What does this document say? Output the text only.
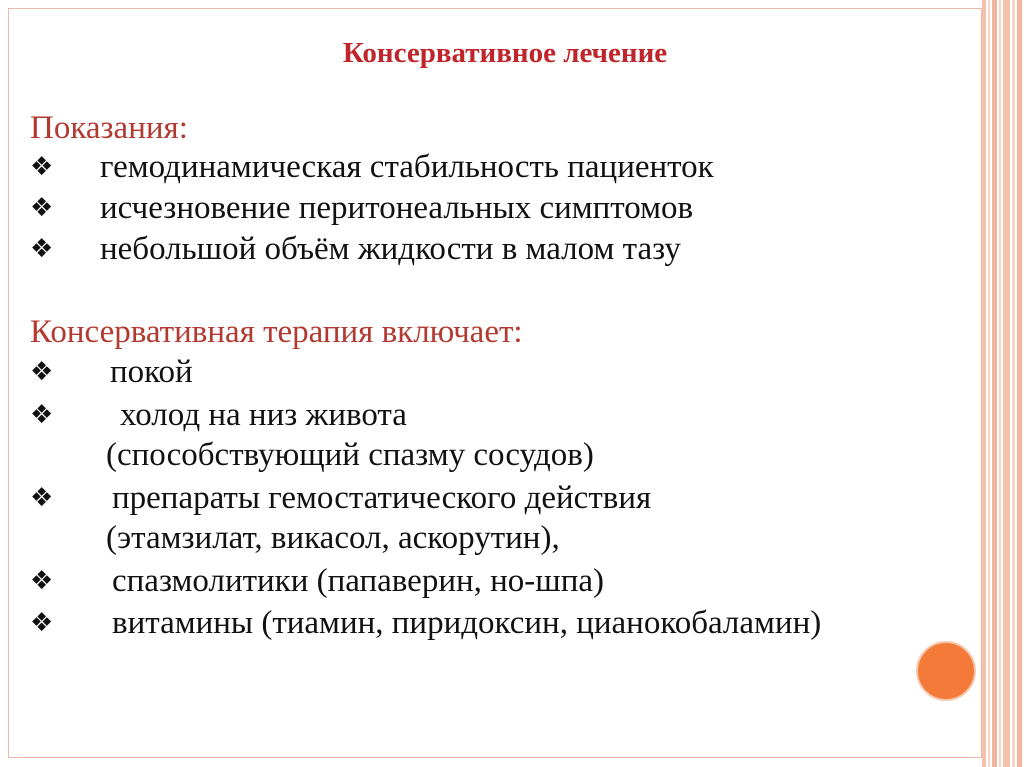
Консервативное лечение
Показания:
❖ гемодинамическая стабильность пациенток
❖ исчезновение перитонеальных симптомов
❖ небольшой объём жидкости в малом тазу
Консервативная терапия включает:
❖ покой
❖ холод на низ живота
(способствующий спазму сосудов)
❖ препараты гемостатического действия
(этамзилат, викасол, аскорутин),
❖ спазмолитики (папаверин, но-шпа)
❖ витамины (тиамин, пиридоксин, цианокобаламин)
